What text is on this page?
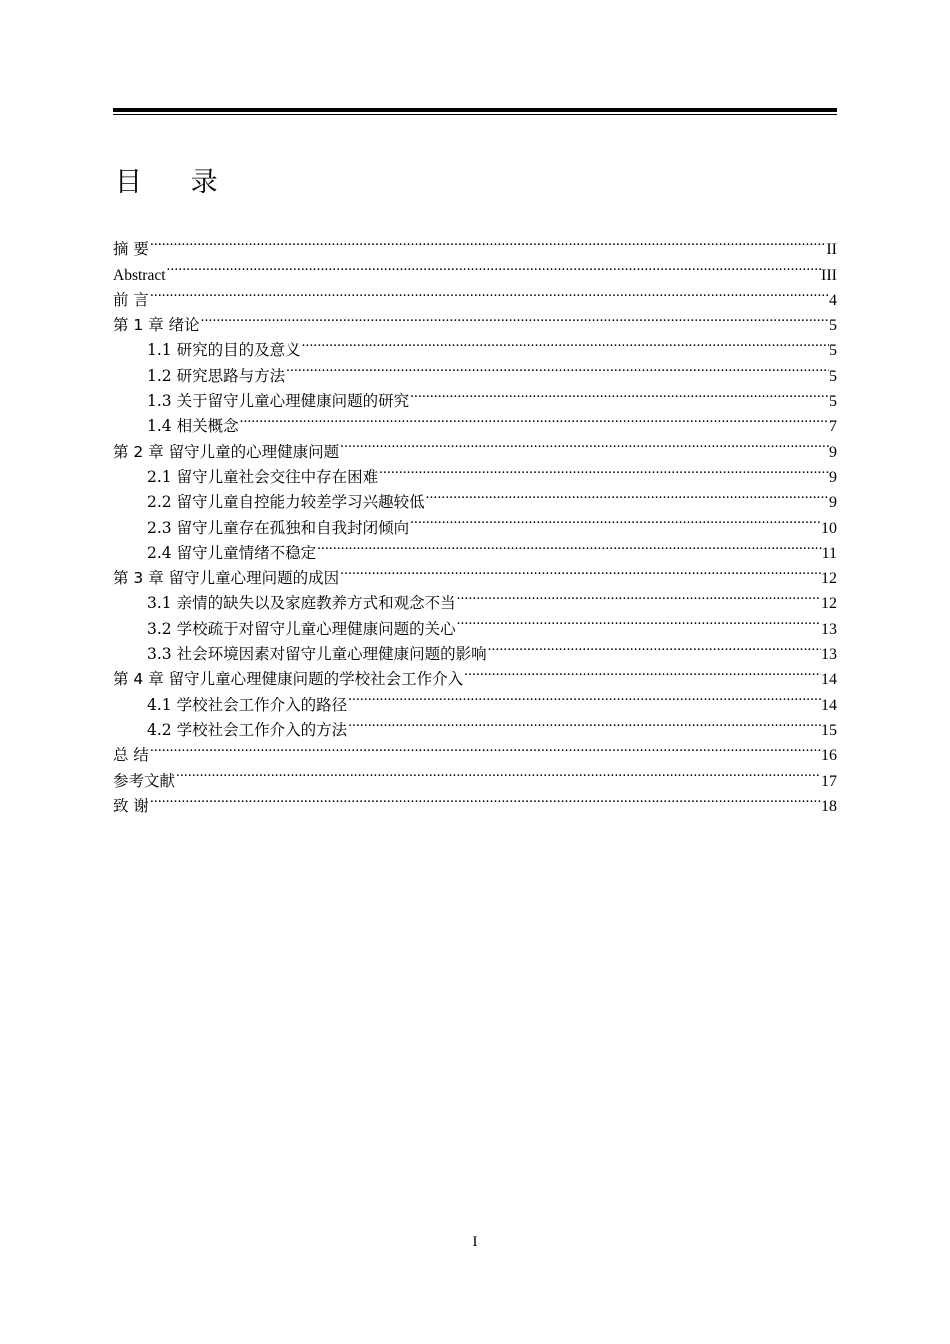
目 录
摘 要 .....	II
Abstract .....	III
前 言 .....	4
第 1 章 绪论 .....	5
1.1 研究的目的及意义 .....	5
1.2 研究思路与方法 .....	5
1.3 关于留守儿童心理健康问题的研究 .....	5
1.4 相关概念 .....	7
第 2 章 留守儿童的心理健康问题 .....	9
2.1 留守儿童社会交往中存在困难 .....	9
2.2 留守儿童自控能力较差学习兴趣较低 .....	9
2.3 留守儿童存在孤独和自我封闭倾向 .....	10
2.4 留守儿童情绪不稳定 .....	11
第 3 章 留守儿童心理问题的成因 .....	12
3.1 亲情的缺失以及家庭教养方式和观念不当 .....	12
3.2 学校疏于对留守儿童心理健康问题的关心 .....	13
3.3 社会环境因素对留守儿童心理健康问题的影响 .....	13
第 4 章 留守儿童心理健康问题的学校社会工作介入 .....	14
4.1 学校社会工作介入的路径 .....	14
4.2 学校社会工作介入的方法 .....	15
总 结 .....	16
参考文献 .....	17
致 谢 .....	18
I
